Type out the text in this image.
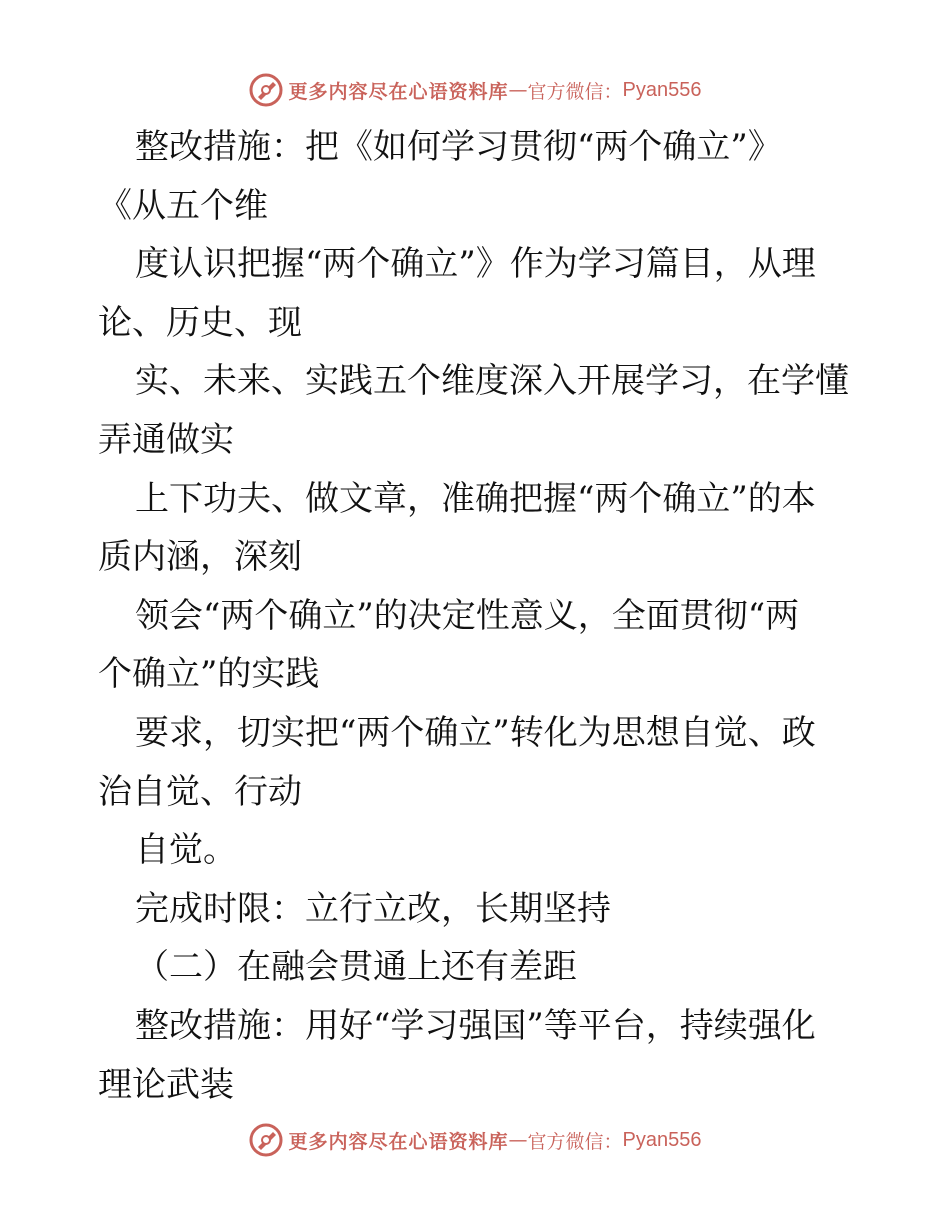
更多内容尽在心语资料库 — 官方微信： Pyan556
整改措施：把《如何学习贯彻“两个确立”》
《从五个维
度认识把握“两个确立”》作为学习篇目，从理
论、历史、现
实、未来、实践五个维度深入开展学习，在学懂
弄通做实
上下功夫、做文章，准确把握“两个确立”的本
质内涵，深刻
领会“两个确立”的决定性意义，全面贯彻“两
个确立”的实践
要求，切实把“两个确立”转化为思想自觉、政
治自觉、行动
自觉。
完成时限：立行立改，长期坚持
（二）在融会贯通上还有差距
整改措施：用好“学习强国”等平台，持续强化
理论武装
更多内容尽在心语资料库 — 官方微信： Pyan556
